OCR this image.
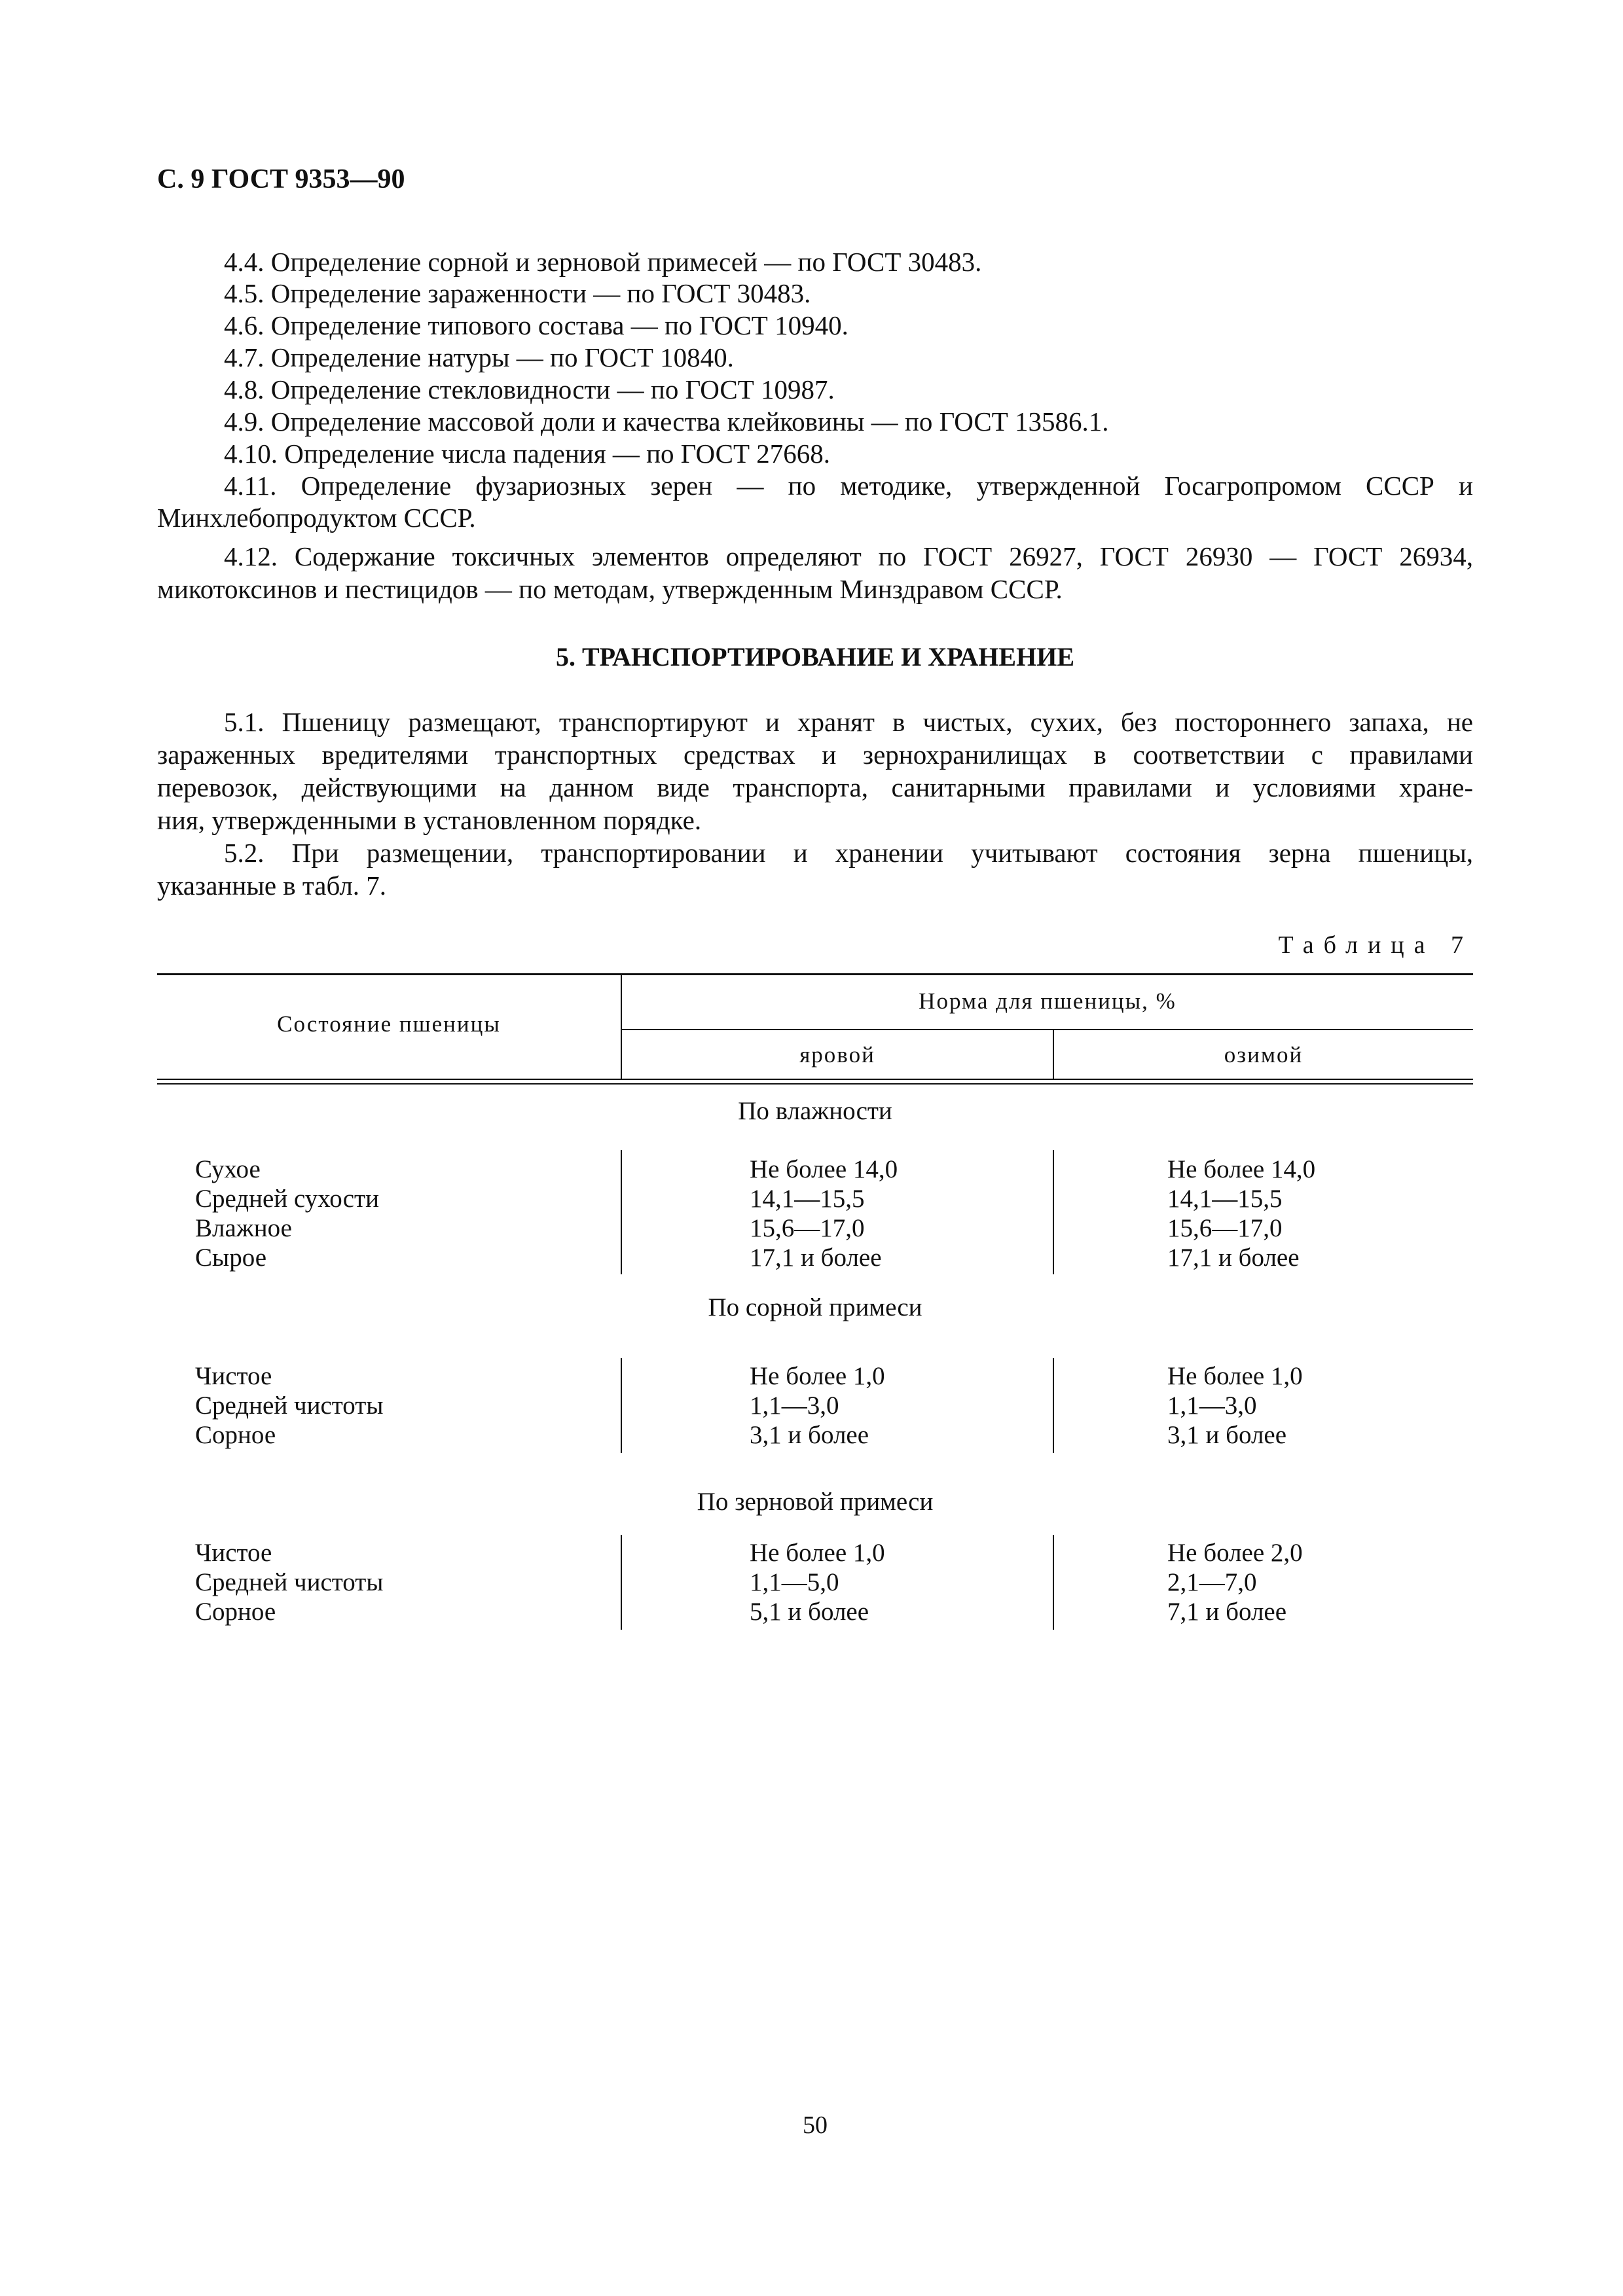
С. 9 ГОСТ 9353—90
4.4. Определение сорной и зерновой примесей — по ГОСТ 30483.
4.5. Определение зараженности — по ГОСТ 30483.
4.6. Определение типового состава — по ГОСТ 10940.
4.7. Определение натуры — по ГОСТ 10840.
4.8. Определение стекловидности — по ГОСТ 10987.
4.9. Определение массовой доли и качества клейковины — по ГОСТ 13586.1.
4.10. Определение числа падения — по ГОСТ 27668.
4.11. Определение фузариозных зерен — по методике, утвержденной Госагропромом СССР и
Минхлебопродуктом СССР.
4.12. Содержание токсичных элементов определяют по ГОСТ 26927, ГОСТ 26930 — ГОСТ 26934,
микотоксинов и пестицидов — по методам, утвержденным Минздравом СССР.
5. ТРАНСПОРТИРОВАНИЕ И ХРАНЕНИЕ
5.1. Пшеницу размещают, транспортируют и хранят в чистых, сухих, без постороннего запаха, не
зараженных вредителями транспортных средствах и зернохранилищах в соответствии с правилами
перевозок, действующими на данном виде транспорта, санитарными правилами и условиями хране-
ния, утвержденными в установленном порядке.
5.2. При размещении, транспортировании и хранении учитывают состояния зерна пшеницы,
указанные в табл. 7.
Таблица 7
Состояние пшеницы
Норма для пшеницы, %
яровой	озимой
По влажности
Сухое	Не более 14,0	Не более 14,0
Средней сухости	14,1—15,5	14,1—15,5
Влажное	15,6—17,0	15,6—17,0
Сырое	17,1 и более	17,1 и более
По сорной примеси
Чистое	Не более 1,0	Не более 1,0
Средней чистоты	1,1—3,0	1,1—3,0
Сорное	3,1 и более	3,1 и более
По зерновой примеси
Чистое	Не более 1,0	Не более 2,0
Средней чистоты	1,1—5,0	2,1—7,0
Сорное	5,1 и более	7,1 и более
50
